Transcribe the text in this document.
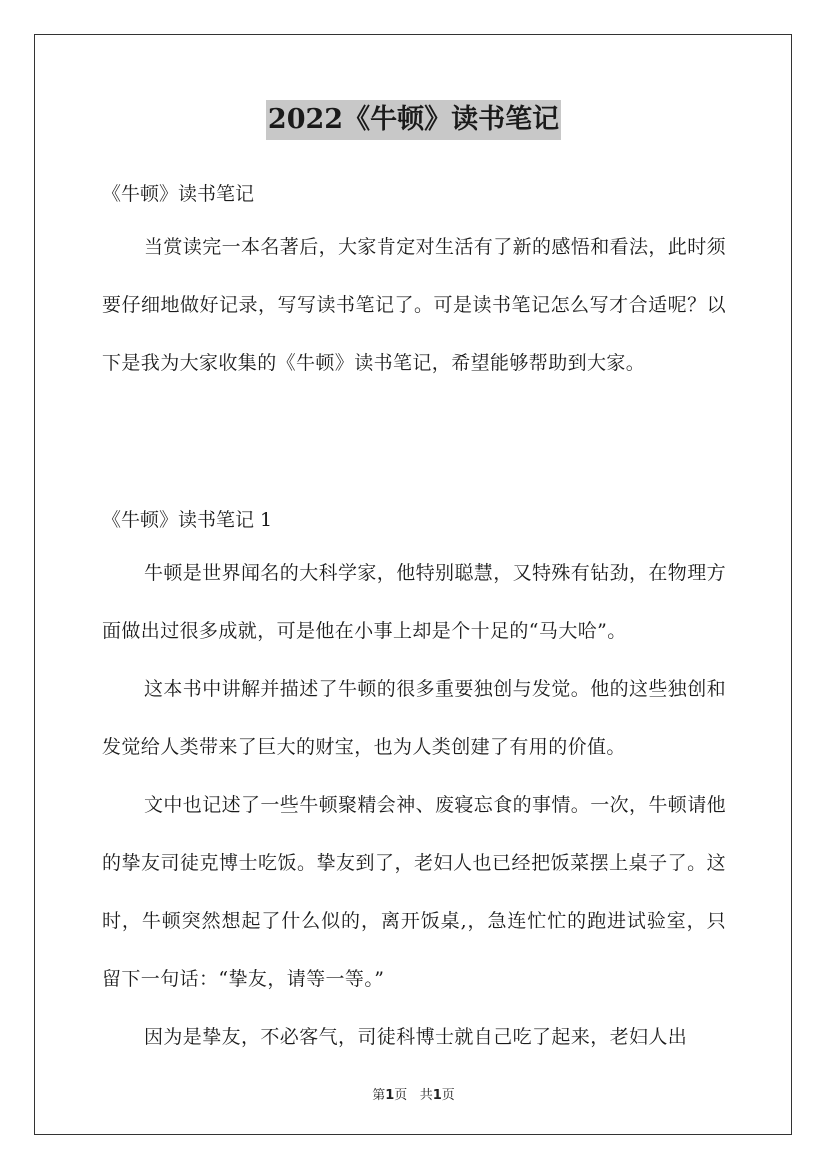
2022《牛顿》读书笔记
《牛顿》读书笔记

当赏读完一本名著后，大家肯定对生活有了新的感悟和看法，此时须要仔细地做好记录，写写读书笔记了。可是读书笔记怎么写才合适呢？以下是我为大家收集的《牛顿》读书笔记，希望能够帮助到大家。

《牛顿》读书笔记 1

牛顿是世界闻名的大科学家，他特别聪慧，又特殊有钻劲，在物理方面做出过很多成就，可是他在小事上却是个十足的“马大哈”。

这本书中讲解并描述了牛顿的很多重要独创与发觉。他的这些独创和发觉给人类带来了巨大的财宝，也为人类创建了有用的价值。

文中也记述了一些牛顿聚精会神、废寝忘食的事情。一次，牛顿请他的挚友司徒克博士吃饭。挚友到了，老妇人也已经把饭菜摆上桌子了。这时，牛顿突然想起了什么似的，离开饭桌,，急连忙忙的跑进试验室，只留下一句话：“挚友，请等一等。”

因为是挚友，不必客气，司徒科博士就自己吃了起来，老妇人出

第1页 共1页
